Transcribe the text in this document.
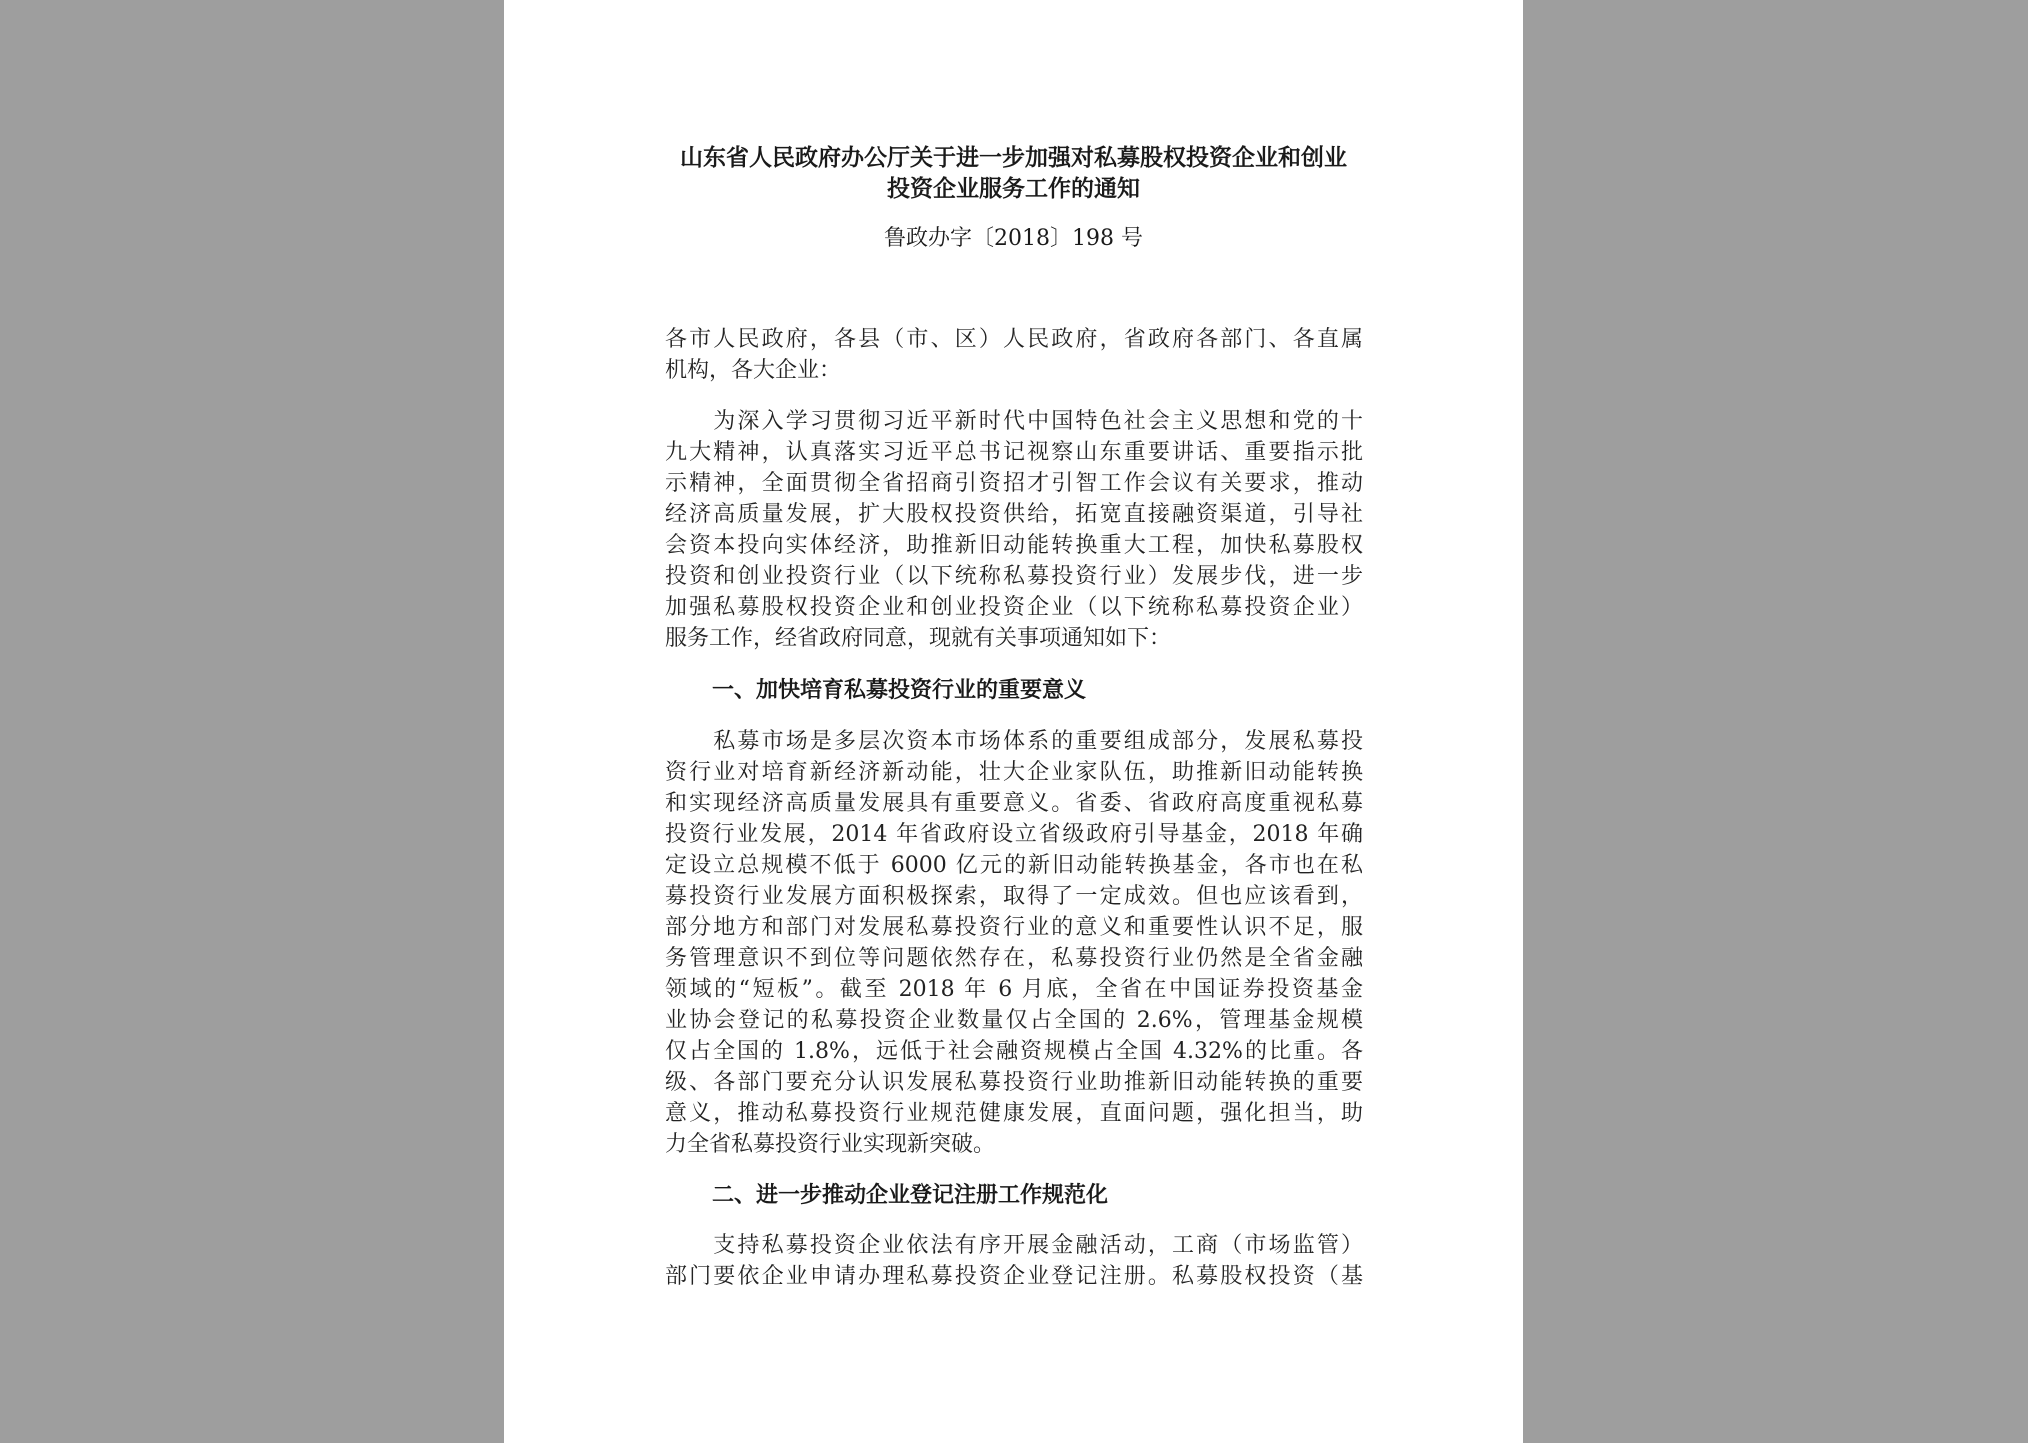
山东省人民政府办公厅关于进一步加强对私募股权投资企业和创业
投资企业服务工作的通知
鲁政办字〔2018〕198 号
各市人民政府，各县（市、区）人民政府，省政府各部门、各直属
机构，各大企业：
　　为深入学习贯彻习近平新时代中国特色社会主义思想和党的十
九大精神，认真落实习近平总书记视察山东重要讲话、重要指示批
示精神，全面贯彻全省招商引资招才引智工作会议有关要求，推动
经济高质量发展，扩大股权投资供给，拓宽直接融资渠道，引导社
会资本投向实体经济，助推新旧动能转换重大工程，加快私募股权
投资和创业投资行业（以下统称私募投资行业）发展步伐，进一步
加强私募股权投资企业和创业投资企业（以下统称私募投资企业）
服务工作，经省政府同意，现就有关事项通知如下：
一、加快培育私募投资行业的重要意义
　　私募市场是多层次资本市场体系的重要组成部分，发展私募投
资行业对培育新经济新动能，壮大企业家队伍，助推新旧动能转换
和实现经济高质量发展具有重要意义。省委、省政府高度重视私募
投资行业发展，2014 年省政府设立省级政府引导基金，2018 年确
定设立总规模不低于 6000 亿元的新旧动能转换基金，各市也在私
募投资行业发展方面积极探索，取得了一定成效。但也应该看到，
部分地方和部门对发展私募投资行业的意义和重要性认识不足，服
务管理意识不到位等问题依然存在，私募投资行业仍然是全省金融
领域的“短板”。截至 2018 年 6 月底，全省在中国证券投资基金
业协会登记的私募投资企业数量仅占全国的 2.6%，管理基金规模
仅占全国的 1.8%，远低于社会融资规模占全国 4.32%的比重。各
级、各部门要充分认识发展私募投资行业助推新旧动能转换的重要
意义，推动私募投资行业规范健康发展，直面问题，强化担当，助
力全省私募投资行业实现新突破。
二、进一步推动企业登记注册工作规范化
　　支持私募投资企业依法有序开展金融活动，工商（市场监管）
部门要依企业申请办理私募投资企业登记注册。私募股权投资（基
